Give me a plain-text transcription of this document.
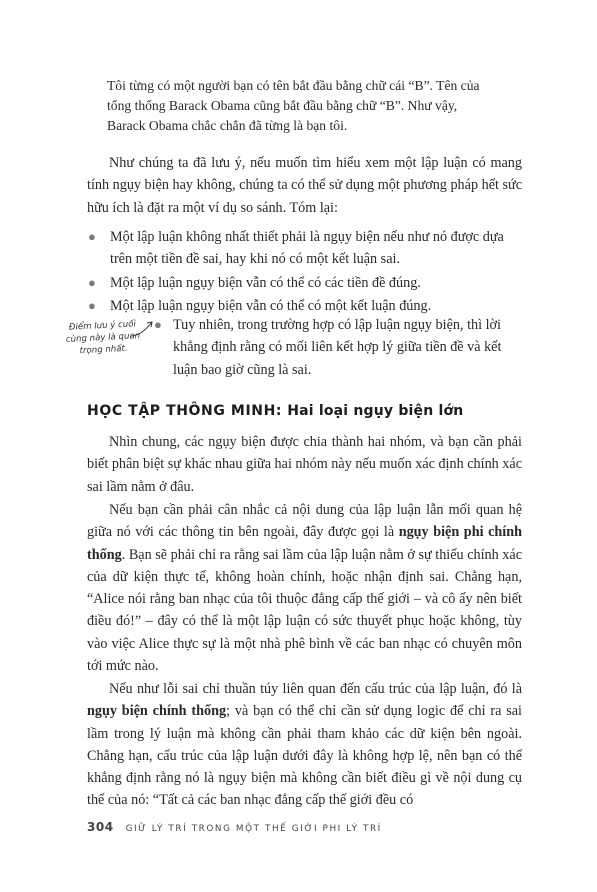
Tôi từng có một người bạn có tên bắt đầu bằng chữ cái “B”. Tên của tổng thống Barack Obama cũng bắt đầu bằng chữ “B”. Như vậy, Barack Obama chắc chắn đã từng là bạn tôi.

Như chúng ta đã lưu ý, nếu muốn tìm hiểu xem một lập luận có mang tính ngụy biện hay không, chúng ta có thể sử dụng một phương pháp hết sức hữu ích là đặt ra một ví dụ so sánh. Tóm lại:

● Một lập luận không nhất thiết phải là ngụy biện nếu như nó được dựa trên một tiền đề sai, hay khi nó có một kết luận sai.
● Một lập luận ngụy biện vẫn có thể có các tiền đề đúng.
● Một lập luận ngụy biện vẫn có thể có một kết luận đúng.
Điểm lưu ý cuối cùng này là quan trọng nhất.
● Tuy nhiên, trong trường hợp có lập luận ngụy biện, thì lời khẳng định rằng có mối liên kết hợp lý giữa tiền đề và kết luận bao giờ cũng là sai.
HỌC TẬP THÔNG MINH: Hai loại ngụy biện lớn

Nhìn chung, các ngụy biện được chia thành hai nhóm, và bạn cần phải biết phân biệt sự khác nhau giữa hai nhóm này nếu muốn xác định chính xác sai lầm nằm ở đâu.

Nếu bạn cần phải cân nhắc cả nội dung của lập luận lẫn mối quan hệ giữa nó với các thông tin bên ngoài, đây được gọi là ngụy biện phi chính thống. Bạn sẽ phải chỉ ra rằng sai lầm của lập luận nằm ở sự thiếu chính xác của dữ kiện thực tế, không hoàn chỉnh, hoặc nhận định sai. Chẳng hạn, “Alice nói rằng ban nhạc của tôi thuộc đẳng cấp thế giới – và cô ấy nên biết điều đó!” – đây có thể là một lập luận có sức thuyết phục hoặc không, tùy vào việc Alice thực sự là một nhà phê bình về các ban nhạc có chuyên môn tới mức nào.

Nếu như lỗi sai chỉ thuần túy liên quan đến cấu trúc của lập luận, đó là ngụy biện chính thống; và bạn có thể chỉ cần sử dụng logic để chỉ ra sai lầm trong lý luận mà không cần phải tham khảo các dữ kiện bên ngoài. Chẳng hạn, cấu trúc của lập luận dưới đây là không hợp lệ, nên bạn có thể khẳng định rằng nó là ngụy biện mà không cần biết điều gì về nội dung cụ thể của nó: “Tất cả các ban nhạc đẳng cấp thế giới đều có

304 GIỮ LÝ TRÍ TRONG MỘT THẾ GIỚI PHI LÝ TRÍ
